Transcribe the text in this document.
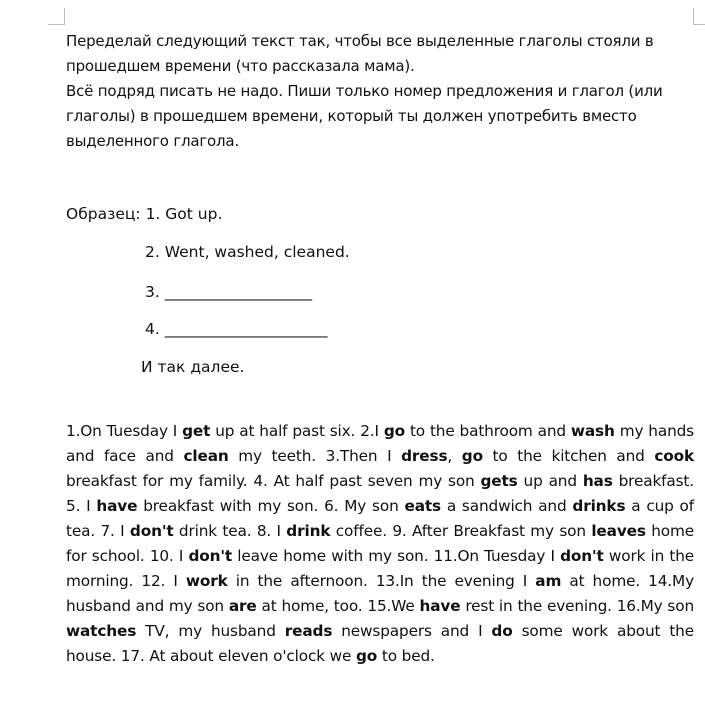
Переделай следующий текст так, чтобы все выделенные глаголы стояли в прошедшем времени (что рассказала мама).

Всё подряд писать не надо. Пиши только номер предложения и глагол (или глаголы) в прошедшем времени, который ты должен употребить вместо выделенного глагола.

Образец: 1. Got up.
2. Went, washed, cleaned.
3. ___________________
4. _____________________
И так далее.
1.On Tuesday I get up at half past six. 2.I go to the bathroom and wash my hands and face and clean my teeth. 3.Then I dress, go to the kitchen and cook breakfast for my family. 4. At half past seven my son gets up and has breakfast. 5. I have breakfast with my son. 6. My son eats a sandwich and drinks a cup of tea. 7. I don't drink tea. 8. I drink coffee. 9. After Breakfast my son leaves home for school. 10. I don't leave home with my son. 11.On Tuesday I don't work in the morning. 12. I work in the afternoon. 13.In the evening I am at home. 14.My husband and my son are at home, too. 15.We have rest in the evening. 16.My son watches TV, my husband reads newspapers and I do some work about the house. 17. At about eleven o'clock we go to bed.
